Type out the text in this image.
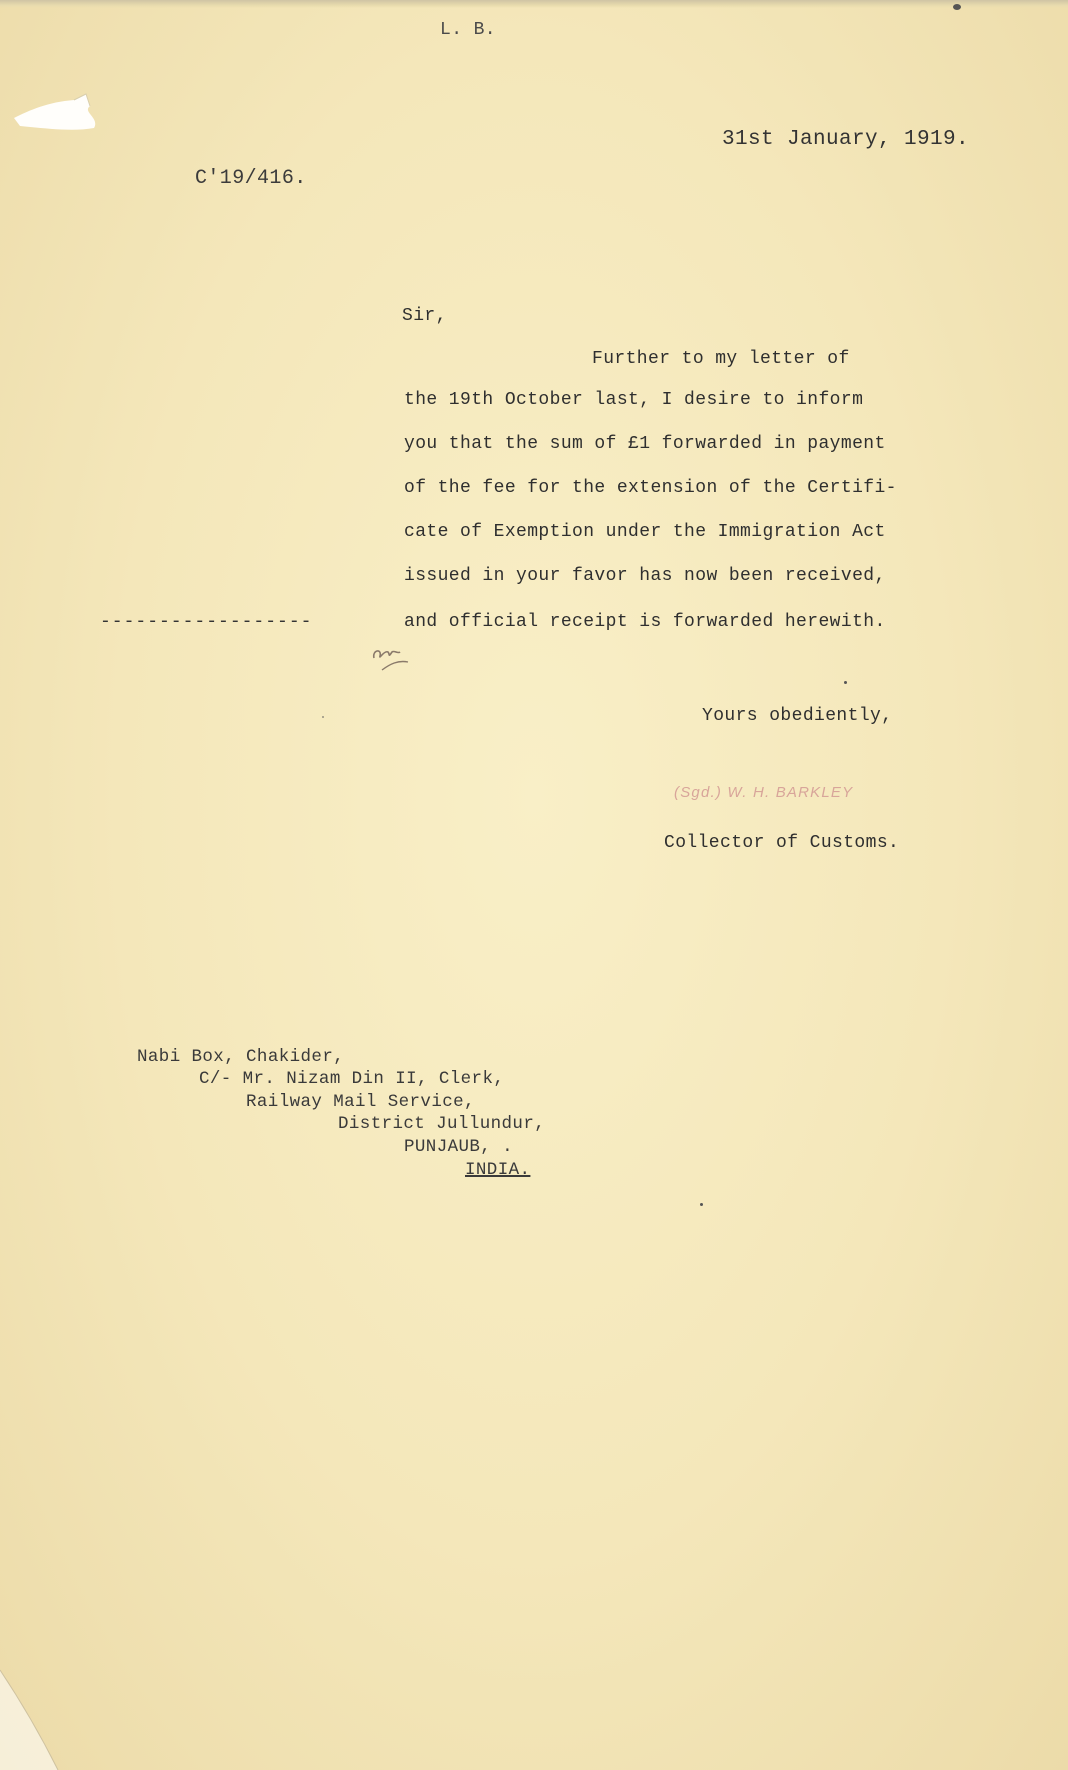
L. B.
31st January, 1919.
C'19/416.
Sir,
Further to my letter of
the 19th October last, I desire to inform
you that the sum of £1 forwarded in payment
of the fee for the extension of the Certifi-
cate of Exemption under the Immigration Act
issued in your favor has now been received,
and official receipt is forwarded herewith.
------------------
Yours obediently,
(Sgd.) W. H. BARKLEY
Collector of Customs.
Nabi Box, Chakider,
C/- Mr. Nizam Din II, Clerk,
Railway Mail Service,
District Jullundur,
PUNJAUB, .
INDIA.
